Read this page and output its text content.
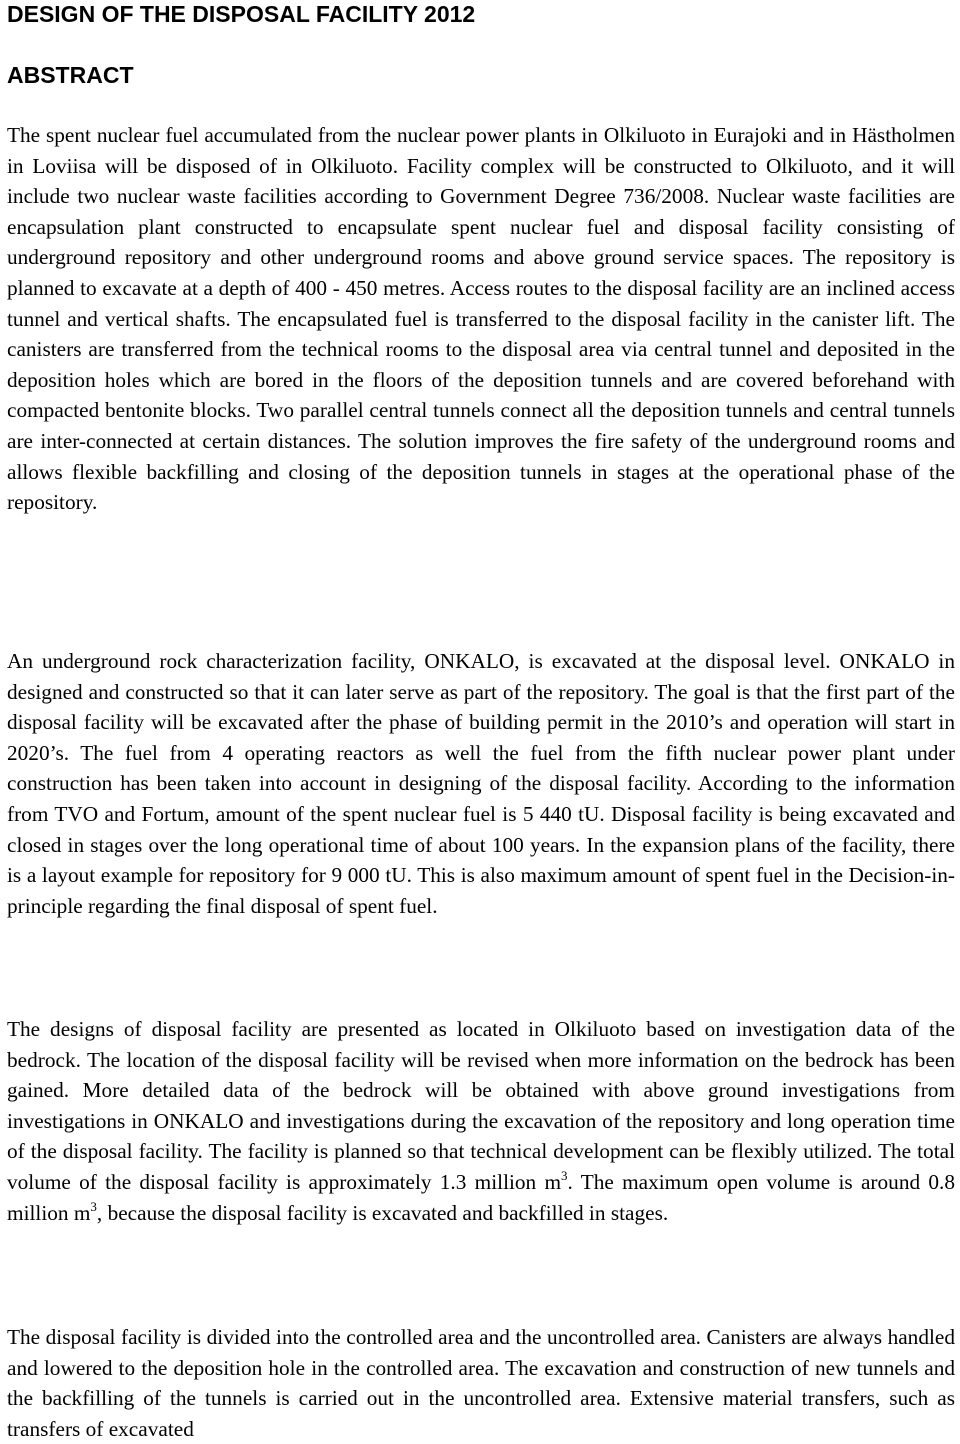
DESIGN OF THE DISPOSAL FACILITY 2012
ABSTRACT

The spent nuclear fuel accumulated from the nuclear power plants in Olkiluoto in Eurajoki and in Hästholmen in Loviisa will be disposed of in Olkiluoto. Facility complex will be constructed to Olkiluoto, and it will include two nuclear waste facilities according to Government Degree 736/2008. Nuclear waste facilities are encapsulation plant constructed to encapsulate spent nuclear fuel and disposal facility consisting of underground repository and other underground rooms and above ground service spaces. The repository is planned to excavate at a depth of 400 - 450 metres. Access routes to the disposal facility are an inclined access tunnel and vertical shafts. The encapsulated fuel is transferred to the disposal facility in the canister lift. The canisters are transferred from the technical rooms to the disposal area via central tunnel and deposited in the deposition holes which are bored in the floors of the deposition tunnels and are covered beforehand with compacted bentonite blocks. Two parallel central tunnels connect all the deposition tunnels and central tunnels are inter-connected at certain distances. The solution improves the fire safety of the underground rooms and allows flexible backfilling and closing of the deposition tunnels in stages at the operational phase of the repository.

An underground rock characterization facility, ONKALO, is excavated at the disposal level. ONKALO in designed and constructed so that it can later serve as part of the repository. The goal is that the first part of the disposal facility will be excavated after the phase of building permit in the 2010’s and operation will start in 2020’s. The fuel from 4 operating reactors as well the fuel from the fifth nuclear power plant under construction has been taken into account in designing of the disposal facility. According to the information from TVO and Fortum, amount of the spent nuclear fuel is 5 440 tU. Disposal facility is being excavated and closed in stages over the long operational time of about 100 years. In the expansion plans of the facility, there is a layout example for repository for 9 000 tU. This is also maximum amount of spent fuel in the Decision-in-principle regarding the final disposal of spent fuel.

The designs of disposal facility are presented as located in Olkiluoto based on investigation data of the bedrock. The location of the disposal facility will be revised when more information on the bedrock has been gained. More detailed data of the bedrock will be obtained with above ground investigations from investigations in ONKALO and investigations during the excavation of the repository and long operation time of the disposal facility. The facility is planned so that technical development can be flexibly utilized. The total volume of the disposal facility is approximately 1.3 million $m^3$. The maximum open volume is around 0.8 million $m^3$, because the disposal facility is excavated and backfilled in stages.

The disposal facility is divided into the controlled area and the uncontrolled area. Canisters are always handled and lowered to the deposition hole in the controlled area. The excavation and construction of new tunnels and the backfilling of the tunnels is carried out in the uncontrolled area. Extensive material transfers, such as transfers of excavated
